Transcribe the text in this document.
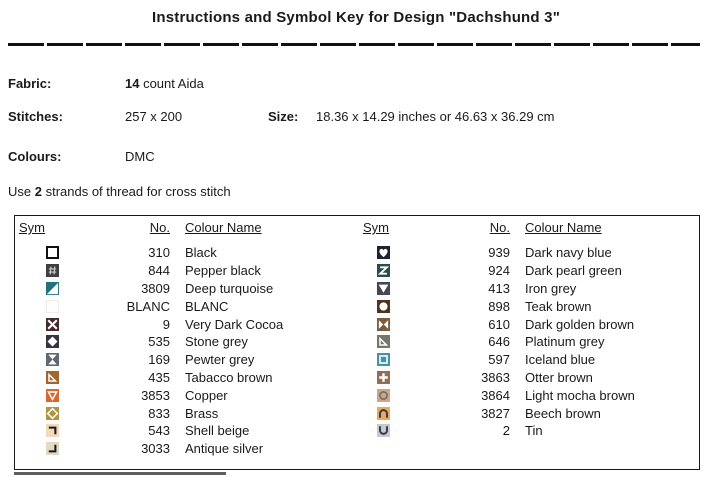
Instructions and Symbol Key for Design "Dachshund 3"
Fabric:	14 count Aida
Stitches:	257 x 200	Size: 18.36 x 14.29 inches or 46.63 x 36.29 cm
Colours:	DMC
Use 2 strands of thread for cross stitch
Sym	No. Colour Name
310 Black
844 Pepper black
3809 Deep turquoise
BLANC BLANC
9 Very Dark Cocoa
535 Stone grey
169 Pewter grey
435 Tabacco brown
3853 Copper
833 Brass
543 Shell beige
3033 Antique silver
Sym	No. Colour Name
939 Dark navy blue
924 Dark pearl green
413 Iron grey
898 Teak brown
610 Dark golden brown
646 Platinum grey
597 Iceland blue
3863 Otter brown
3864 Light mocha brown
3827 Beech brown
2 Tin
